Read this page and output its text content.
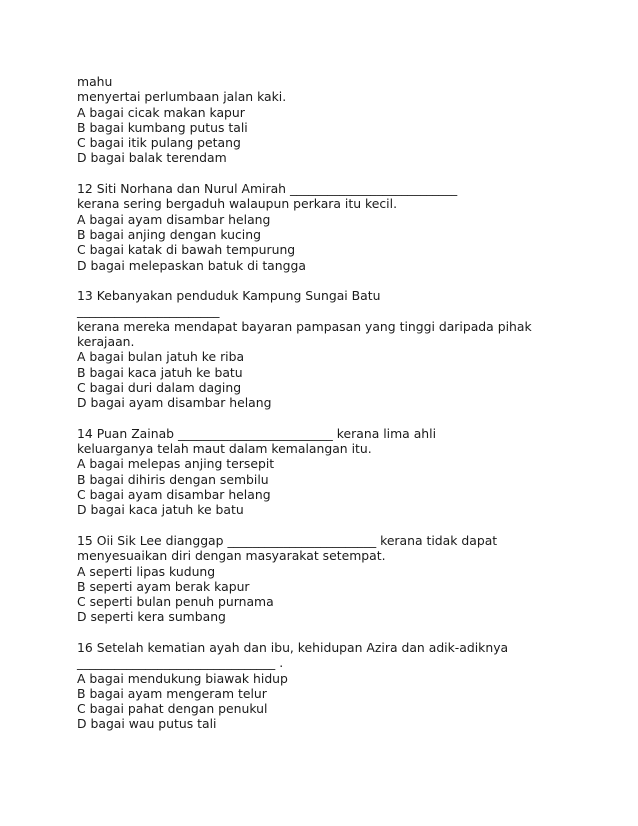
mahu
menyertai perlumbaan jalan kaki.
A bagai cicak makan kapur
B bagai kumbang putus tali
C bagai itik pulang petang
D bagai balak terendam
12 Siti Norhana dan Nurul Amirah ___________________________
kerana sering bergaduh walaupun perkara itu kecil.
A bagai ayam disambar helang
B bagai anjing dengan kucing
C bagai katak di bawah tempurung
D bagai melepaskan batuk di tangga
13 Kebanyakan penduduk Kampung Sungai Batu
_______________________
kerana mereka mendapat bayaran pampasan yang tinggi daripada pihak
kerajaan.
A bagai bulan jatuh ke riba
B bagai kaca jatuh ke batu
C bagai duri dalam daging
D bagai ayam disambar helang
14 Puan Zainab _________________________ kerana lima ahli
keluarganya telah maut dalam kemalangan itu.
A bagai melepas anjing tersepit
B bagai dihiris dengan sembilu
C bagai ayam disambar helang
D bagai kaca jatuh ke batu
15 Oii Sik Lee dianggap ________________________ kerana tidak dapat
menyesuaikan diri dengan masyarakat setempat.
A seperti lipas kudung
B seperti ayam berak kapur
C seperti bulan penuh purnama
D seperti kera sumbang
16 Setelah kematian ayah dan ibu, kehidupan Azira dan adik-adiknya
________________________________ .
A bagai mendukung biawak hidup
B bagai ayam mengeram telur
C bagai pahat dengan penukul
D bagai wau putus tali
